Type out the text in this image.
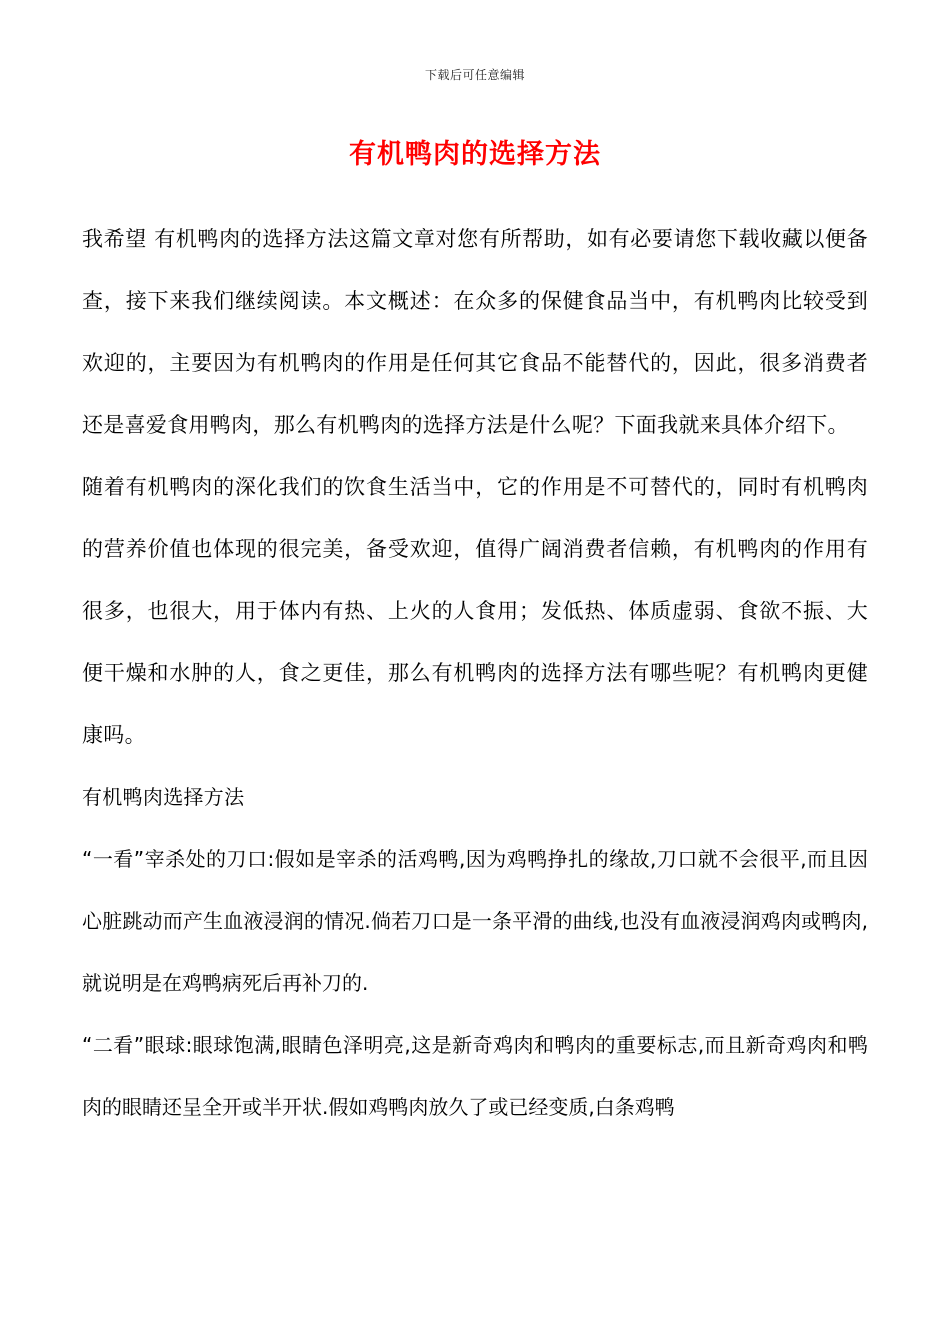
下载后可任意编辑
有机鸭肉的选择方法

我希望 有机鸭肉的选择方法这篇文章对您有所帮助，如有必要请您下载收藏以便备查，接下来我们继续阅读。本文概述：在众多的保健食品当中，有机鸭肉比较受到欢迎的，主要因为有机鸭肉的作用是任何其它食品不能替代的，因此，很多消费者还是喜爱食用鸭肉，那么有机鸭肉的选择方法是什么呢？下面我就来具体介绍下。

随着有机鸭肉的深化我们的饮食生活当中，它的作用是不可替代的，同时有机鸭肉的营养价值也体现的很完美，备受欢迎，值得广阔消费者信赖，有机鸭肉的作用有很多，也很大，用于体内有热、上火的人食用；发低热、体质虚弱、食欲不振、大便干燥和水肿的人，食之更佳，那么有机鸭肉的选择方法有哪些呢？有机鸭肉更健康吗。

有机鸭肉选择方法

“一看”宰杀处的刀口:假如是宰杀的活鸡鸭,因为鸡鸭挣扎的缘故,刀口就不会很平,而且因心脏跳动而产生血液浸润的情况.倘若刀口是一条平滑的曲线,也没有血液浸润鸡肉或鸭肉,就说明是在鸡鸭病死后再补刀的.

“二看”眼球:眼球饱满,眼睛色泽明亮,这是新奇鸡肉和鸭肉的重要标志,而且新奇鸡肉和鸭肉的眼睛还呈全开或半开状.假如鸡鸭肉放久了或已经变质,白条鸡鸭
